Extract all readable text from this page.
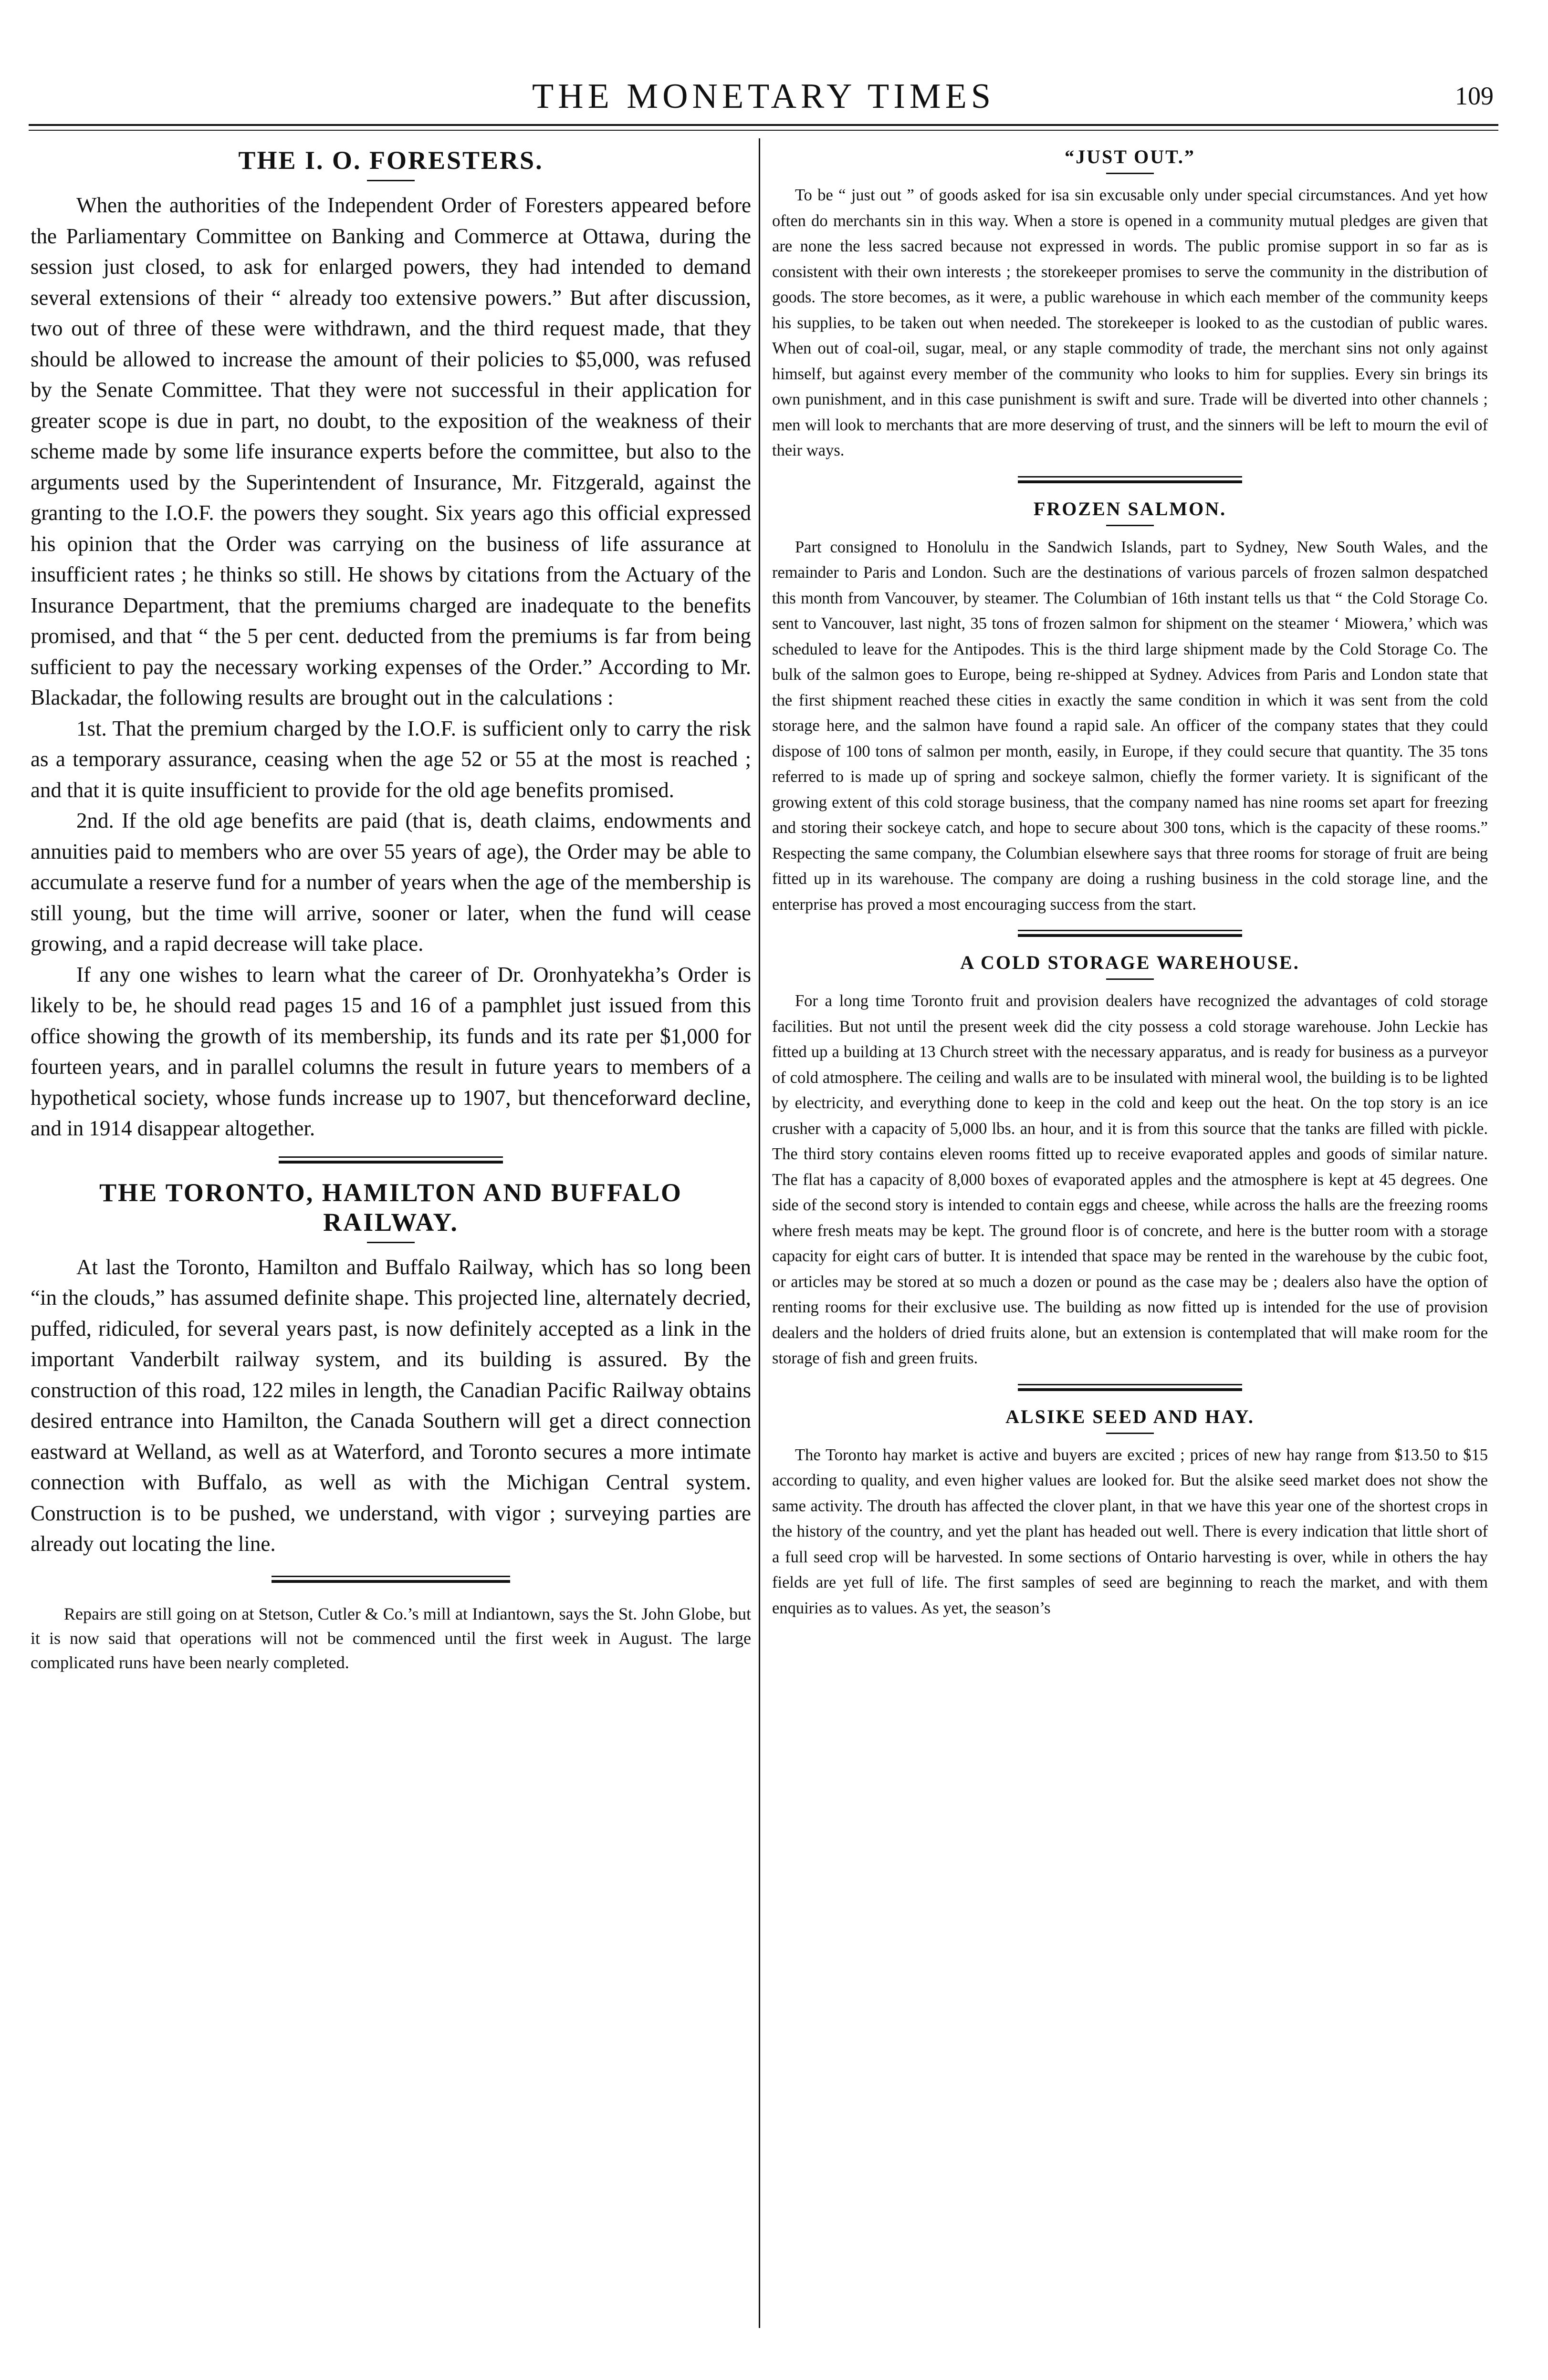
THE MONETARY TIMES	109
THE I. O. FORESTERS.

When the authorities of the Independent Order of Foresters appeared before the Parliamentary Committee on Banking and Commerce at Ottawa, during the session just closed, to ask for enlarged powers, they had intended to demand several extensions of their “ already too extensive powers.” But after discussion, two out of three of these were withdrawn, and the third request made, that they should be allowed to increase the amount of their policies to $5,000, was refused by the Senate Committee. That they were not successful in their application for greater scope is due in part, no doubt, to the exposition of the weakness of their scheme made by some life insurance experts before the committee, but also to the arguments used by the Superintendent of Insurance, Mr. Fitzgerald, against the granting to the I.O.F. the powers they sought. Six years ago this official expressed his opinion that the Order was carrying on the business of life assurance at insufficient rates ; he thinks so still. He shows by citations from the Actuary of the Insurance Department, that the premiums charged are inadequate to the benefits promised, and that “ the 5 per cent. deducted from the premiums is far from being sufficient to pay the necessary working expenses of the Order.” According to Mr. Blackadar, the following results are brought out in the calculations :

1st. That the premium charged by the I.O.F. is sufficient only to carry the risk as a temporary assurance, ceasing when the age 52 or 55 at the most is reached ; and that it is quite insufficient to provide for the old age benefits promised.

2nd. If the old age benefits are paid (that is, death claims, endowments and annuities paid to members who are over 55 years of age), the Order may be able to accumulate a reserve fund for a number of years when the age of the membership is still young, but the time will arrive, sooner or later, when the fund will cease growing, and a rapid decrease will take place.

If any one wishes to learn what the career of Dr. Oronhyatekha’s Order is likely to be, he should read pages 15 and 16 of a pamphlet just issued from this office showing the growth of its membership, its funds and its rate per $1,000 for fourteen years, and in parallel columns the result in future years to members of a hypothetical society, whose funds increase up to 1907, but thenceforward decline, and in 1914 disappear altogether.

THE TORONTO, HAMILTON AND BUFFALO
RAILWAY.

At last the Toronto, Hamilton and Buffalo Railway, which has so long been “in the clouds,” has assumed definite shape. This projected line, alternately decried, puffed, ridiculed, for several years past, is now definitely accepted as a link in the important Vanderbilt railway system, and its building is assured. By the construction of this road, 122 miles in length, the Canadian Pacific Railway obtains desired entrance into Hamilton, the Canada Southern will get a direct connection eastward at Welland, as well as at Waterford, and Toronto secures a more intimate connection with Buffalo, as well as with the Michigan Central system. Construction is to be pushed, we understand, with vigor ; surveying parties are already out locating the line.

Repairs are still going on at Stetson, Cutler & Co.’s mill at Indiantown, says the St. John Globe, but it is now said that operations will not be commenced until the first week in August. The large complicated runs have been nearly completed.

“JUST OUT.”

To be “ just out ” of goods asked for isa sin excusable only under special circumstances. And yet how often do merchants sin in this way. When a store is opened in a community mutual pledges are given that are none the less sacred because not expressed in words. The public promise support in so far as is consistent with their own interests ; the storekeeper promises to serve the community in the distribution of goods. The store becomes, as it were, a public warehouse in which each member of the community keeps his supplies, to be taken out when needed. The storekeeper is looked to as the custodian of public wares. When out of coal-oil, sugar, meal, or any staple commodity of trade, the merchant sins not only against himself, but against every member of the community who looks to him for supplies. Every sin brings its own punishment, and in this case punishment is swift and sure. Trade will be diverted into other channels ; men will look to merchants that are more deserving of trust, and the sinners will be left to mourn the evil of their ways.

FROZEN SALMON.

Part consigned to Honolulu in the Sandwich Islands, part to Sydney, New South Wales, and the remainder to Paris and London. Such are the destinations of various parcels of frozen salmon despatched this month from Vancouver, by steamer. The Columbian of 16th instant tells us that “ the Cold Storage Co. sent to Vancouver, last night, 35 tons of frozen salmon for shipment on the steamer ‘ Miowera,’ which was scheduled to leave for the Antipodes. This is the third large shipment made by the Cold Storage Co. The bulk of the salmon goes to Europe, being re-shipped at Sydney. Advices from Paris and London state that the first shipment reached these cities in exactly the same condition in which it was sent from the cold storage here, and the salmon have found a rapid sale. An officer of the company states that they could dispose of 100 tons of salmon per month, easily, in Europe, if they could secure that quantity. The 35 tons referred to is made up of spring and sockeye salmon, chiefly the former variety. It is significant of the growing extent of this cold storage business, that the company named has nine rooms set apart for freezing and storing their sockeye catch, and hope to secure about 300 tons, which is the capacity of these rooms.” Respecting the same company, the Columbian elsewhere says that three rooms for storage of fruit are being fitted up in its warehouse. The company are doing a rushing business in the cold storage line, and the enterprise has proved a most encouraging success from the start.

A COLD STORAGE WAREHOUSE.

For a long time Toronto fruit and provision dealers have recognized the advantages of cold storage facilities. But not until the present week did the city possess a cold storage warehouse. John Leckie has fitted up a building at 13 Church street with the necessary apparatus, and is ready for business as a purveyor of cold atmosphere. The ceiling and walls are to be insulated with mineral wool, the building is to be lighted by electricity, and everything done to keep in the cold and keep out the heat. On the top story is an ice crusher with a capacity of 5,000 lbs. an hour, and it is from this source that the tanks are filled with pickle. The third story contains eleven rooms fitted up to receive evaporated apples and goods of similar nature. The flat has a capacity of 8,000 boxes of evaporated apples and the atmosphere is kept at 45 degrees. One side of the second story is intended to contain eggs and cheese, while across the halls are the freezing rooms where fresh meats may be kept. The ground floor is of concrete, and here is the butter room with a storage capacity for eight cars of butter. It is intended that space may be rented in the warehouse by the cubic foot, or articles may be stored at so much a dozen or pound as the case may be ; dealers also have the option of renting rooms for their exclusive use. The building as now fitted up is intended for the use of provision dealers and the holders of dried fruits alone, but an extension is contemplated that will make room for the storage of fish and green fruits.

ALSIKE SEED AND HAY.

The Toronto hay market is active and buyers are excited ; prices of new hay range from $13.50 to $15 according to quality, and even higher values are looked for. But the alsike seed market does not show the same activity. The drouth has affected the clover plant, in that we have this year one of the shortest crops in the history of the country, and yet the plant has headed out well. There is every indication that little short of a full seed crop will be harvested. In some sections of Ontario harvesting is over, while in others the hay fields are yet full of life. The first samples of seed are beginning to reach the market, and with them enquiries as to values. As yet, the season’s
